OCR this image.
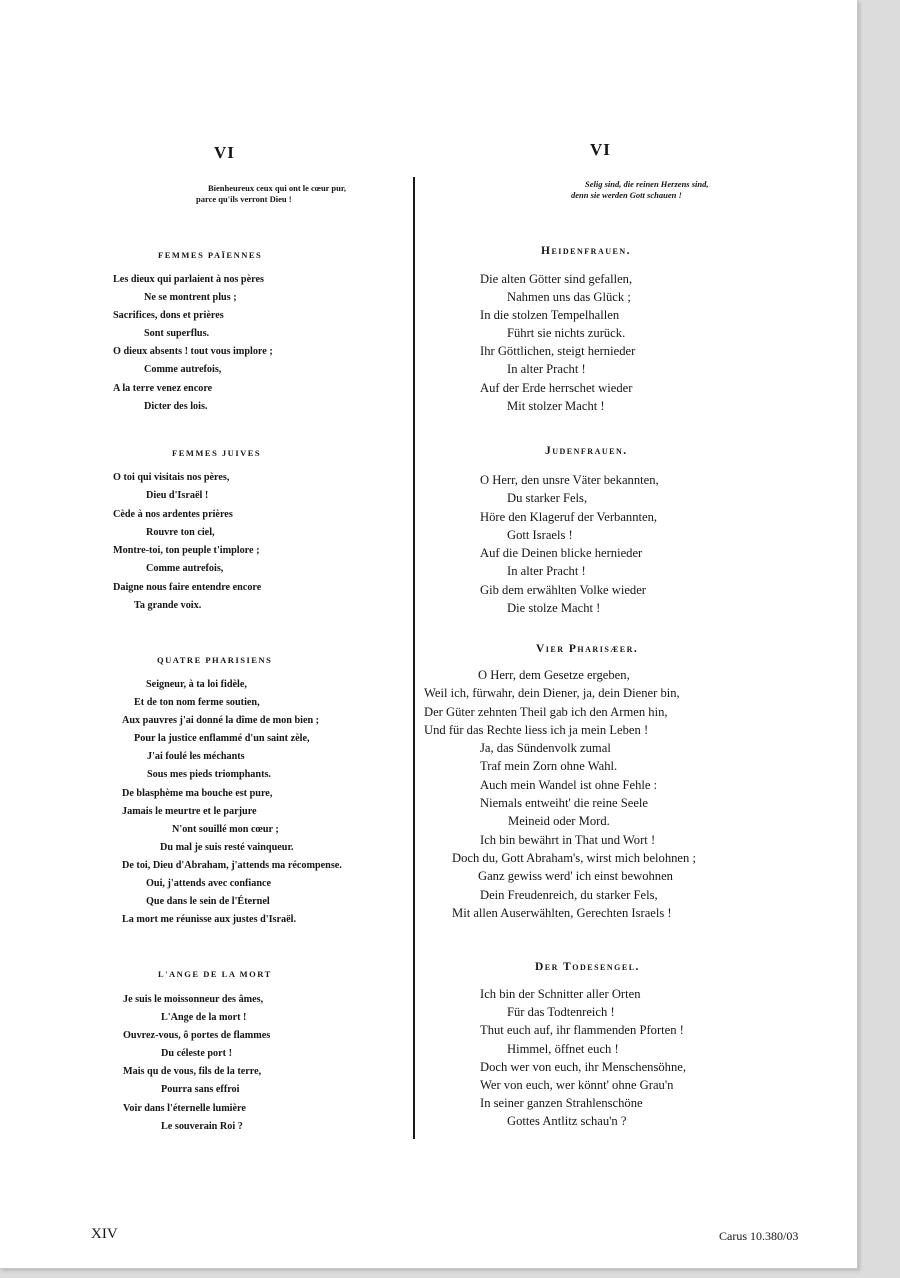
VI	VI
Bienheureux ceux qui ont le cœur pur,
parce qu'ils verront Dieu !
Selig sind, die reinen Herzens sind,
denn sie werden Gott schauen !
FEMMES PAÏENNES
Les dieux qui parlaient à nos pères
Ne se montrent plus ;
Sacrifices, dons et prières
Sont superflus.
O dieux absents ! tout vous implore ;
Comme autrefois,
A la terre venez encore
Dicter des lois.
FEMMES JUIVES
O toi qui visitais nos pères,
Dieu d'Israël !
Cède à nos ardentes prières
Rouvre ton ciel,
Montre-toi, ton peuple t'implore ;
Comme autrefois,
Daigne nous faire entendre encore
Ta grande voix.
QUATRE PHARISIENS
Seigneur, à ta loi fidèle,
Et de ton nom ferme soutien,
Aux pauvres j'ai donné la dîme de mon bien ;
Pour la justice enflammé d'un saint zèle,
J'ai foulé les méchants
Sous mes pieds triomphants.
De blasphème ma bouche est pure,
Jamais le meurtre et le parjure
N'ont souillé mon cœur ;
Du mal je suis resté vainqueur.
De toi, Dieu d'Abraham, j'attends ma récompense.
Oui, j'attends avec confiance
Que dans le sein de l'Éternel
La mort me réunisse aux justes d'Israël.
L'ANGE DE LA MORT
Je suis le moissonneur des âmes,
L'Ange de la mort !
Ouvrez-vous, ô portes de flammes
Du céleste port !
Mais qu de vous, fils de la terre,
Pourra sans effroi
Voir dans l'éternelle lumière
Le souverain Roi ?
Heidenfrauen.
Die alten Götter sind gefallen,
Nahmen uns das Glück ;
In die stolzen Tempelhallen
Führt sie nichts zurück.
Ihr Göttlichen, steigt hernieder
In alter Pracht !
Auf der Erde herrschet wieder
Mit stolzer Macht !
Judenfrauen.
O Herr, den unsre Väter bekannten,
Du starker Fels,
Höre den Klageruf der Verbannten,
Gott Israels !
Auf die Deinen blicke hernieder
In alter Pracht !
Gib dem erwählten Volke wieder
Die stolze Macht !
Vier Pharisæer.
O Herr, dem Gesetze ergeben,
Weil ich, fürwahr, dein Diener, ja, dein Diener bin,
Der Güter zehnten Theil gab ich den Armen hin,
Und für das Rechte liess ich ja mein Leben !
Ja, das Sündenvolk zumal
Traf mein Zorn ohne Wahl.
Auch mein Wandel ist ohne Fehle :
Niemals entweiht' die reine Seele
Meineid oder Mord.
Ich bin bewährt in That und Wort !
Doch du, Gott Abraham's, wirst mich belohnen ;
Ganz gewiss werd' ich einst bewohnen
Dein Freudenreich, du starker Fels,
Mit allen Auserwählten, Gerechten Israels !
Der Todesengel.
Ich bin der Schnitter aller Orten
Für das Todtenreich !
Thut euch auf, ihr flammenden Pforten !
Himmel, öffnet euch !
Doch wer von euch, ihr Menschensöhne,
Wer von euch, wer könnt' ohne Grau'n
In seiner ganzen Strahlenschöne
Gottes Antlitz schau'n ?
XIV	Carus 10.380/03
